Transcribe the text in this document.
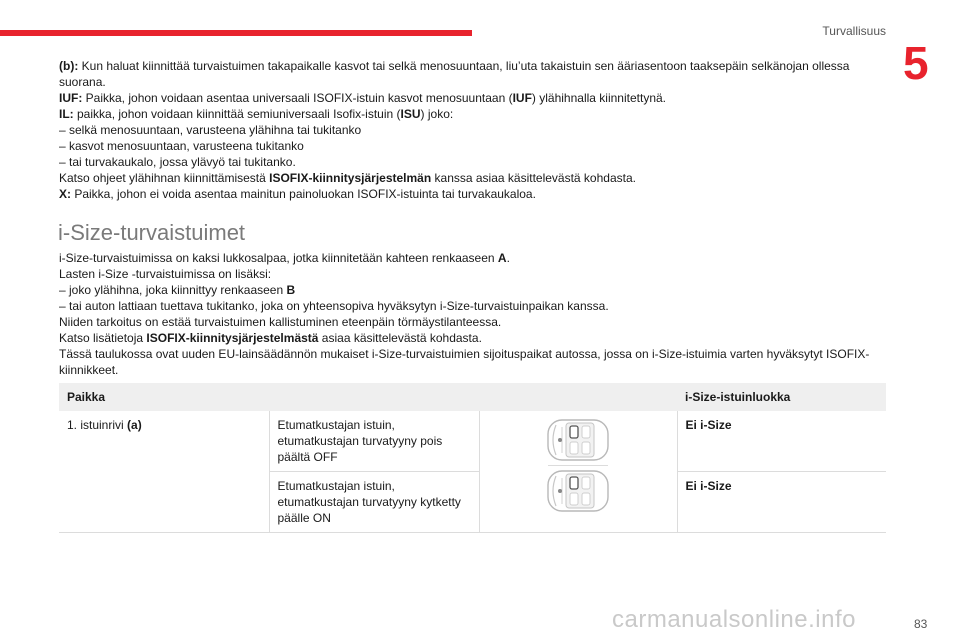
Turvallisuus
5

(b): Kun haluat kiinnittää turvaistuimen takapaikalle kasvot tai selkä menosuuntaan, liu’uta takaistuin sen ääriasentoon taaksepäin selkänojan ollessa suorana.

IUF: Paikka, johon voidaan asentaa universaali ISOFIX-istuin kasvot menosuuntaan (IUF) ylähihnalla kiinnitettynä.

IL: paikka, johon voidaan kiinnittää semiuniversaali Isofix-istuin (ISU) joko:

– selkä menosuuntaan, varusteena ylähihna tai tukitanko

– kasvot menosuuntaan, varusteena tukitanko

– tai turvakaukalo, jossa ylävyö tai tukitanko.

Katso ohjeet ylähihnan kiinnittämisestä ISOFIX-kiinnitysjärjestelmän kanssa asiaa käsittelevästä kohdasta.

X: Paikka, johon ei voida asentaa mainitun painoluokan ISOFIX-istuinta tai turvakaukaloa.

i-Size-turvaistuimet

i-Size-turvaistuimissa on kaksi lukkosalpaa, jotka kiinnitetään kahteen renkaaseen A.

Lasten i-Size -turvaistuimissa on lisäksi:

– joko ylähihna, joka kiinnittyy renkaaseen B

– tai auton lattiaan tuettava tukitanko, joka on yhteensopiva hyväksytyn i-Size-turvaistuinpaikan kanssa.

Niiden tarkoitus on estää turvaistuimen kallistuminen eteenpäin törmäystilanteessa.

Katso lisätietoja ISOFIX-kiinnitysjärjestelmästä asiaa käsittelevästä kohdasta.

Tässä taulukossa ovat uuden EU-lainsäädännön mukaiset i-Size-turvaistuimien sijoituspaikat autossa, jossa on i-Size-istuimia varten hyväksytyt ISOFIX-kiinnikkeet.

Paikka			i-Size-istuinluokka
1. istuinrivi (a)	Etumatkustajan istuin, etumatkustajan turvatyyny pois päältä OFF		Ei i-Size
	Etumatkustajan istuin, etumatkustajan turvatyyny kytketty päälle ON		Ei i-Size
carmanualsonline.info	83
